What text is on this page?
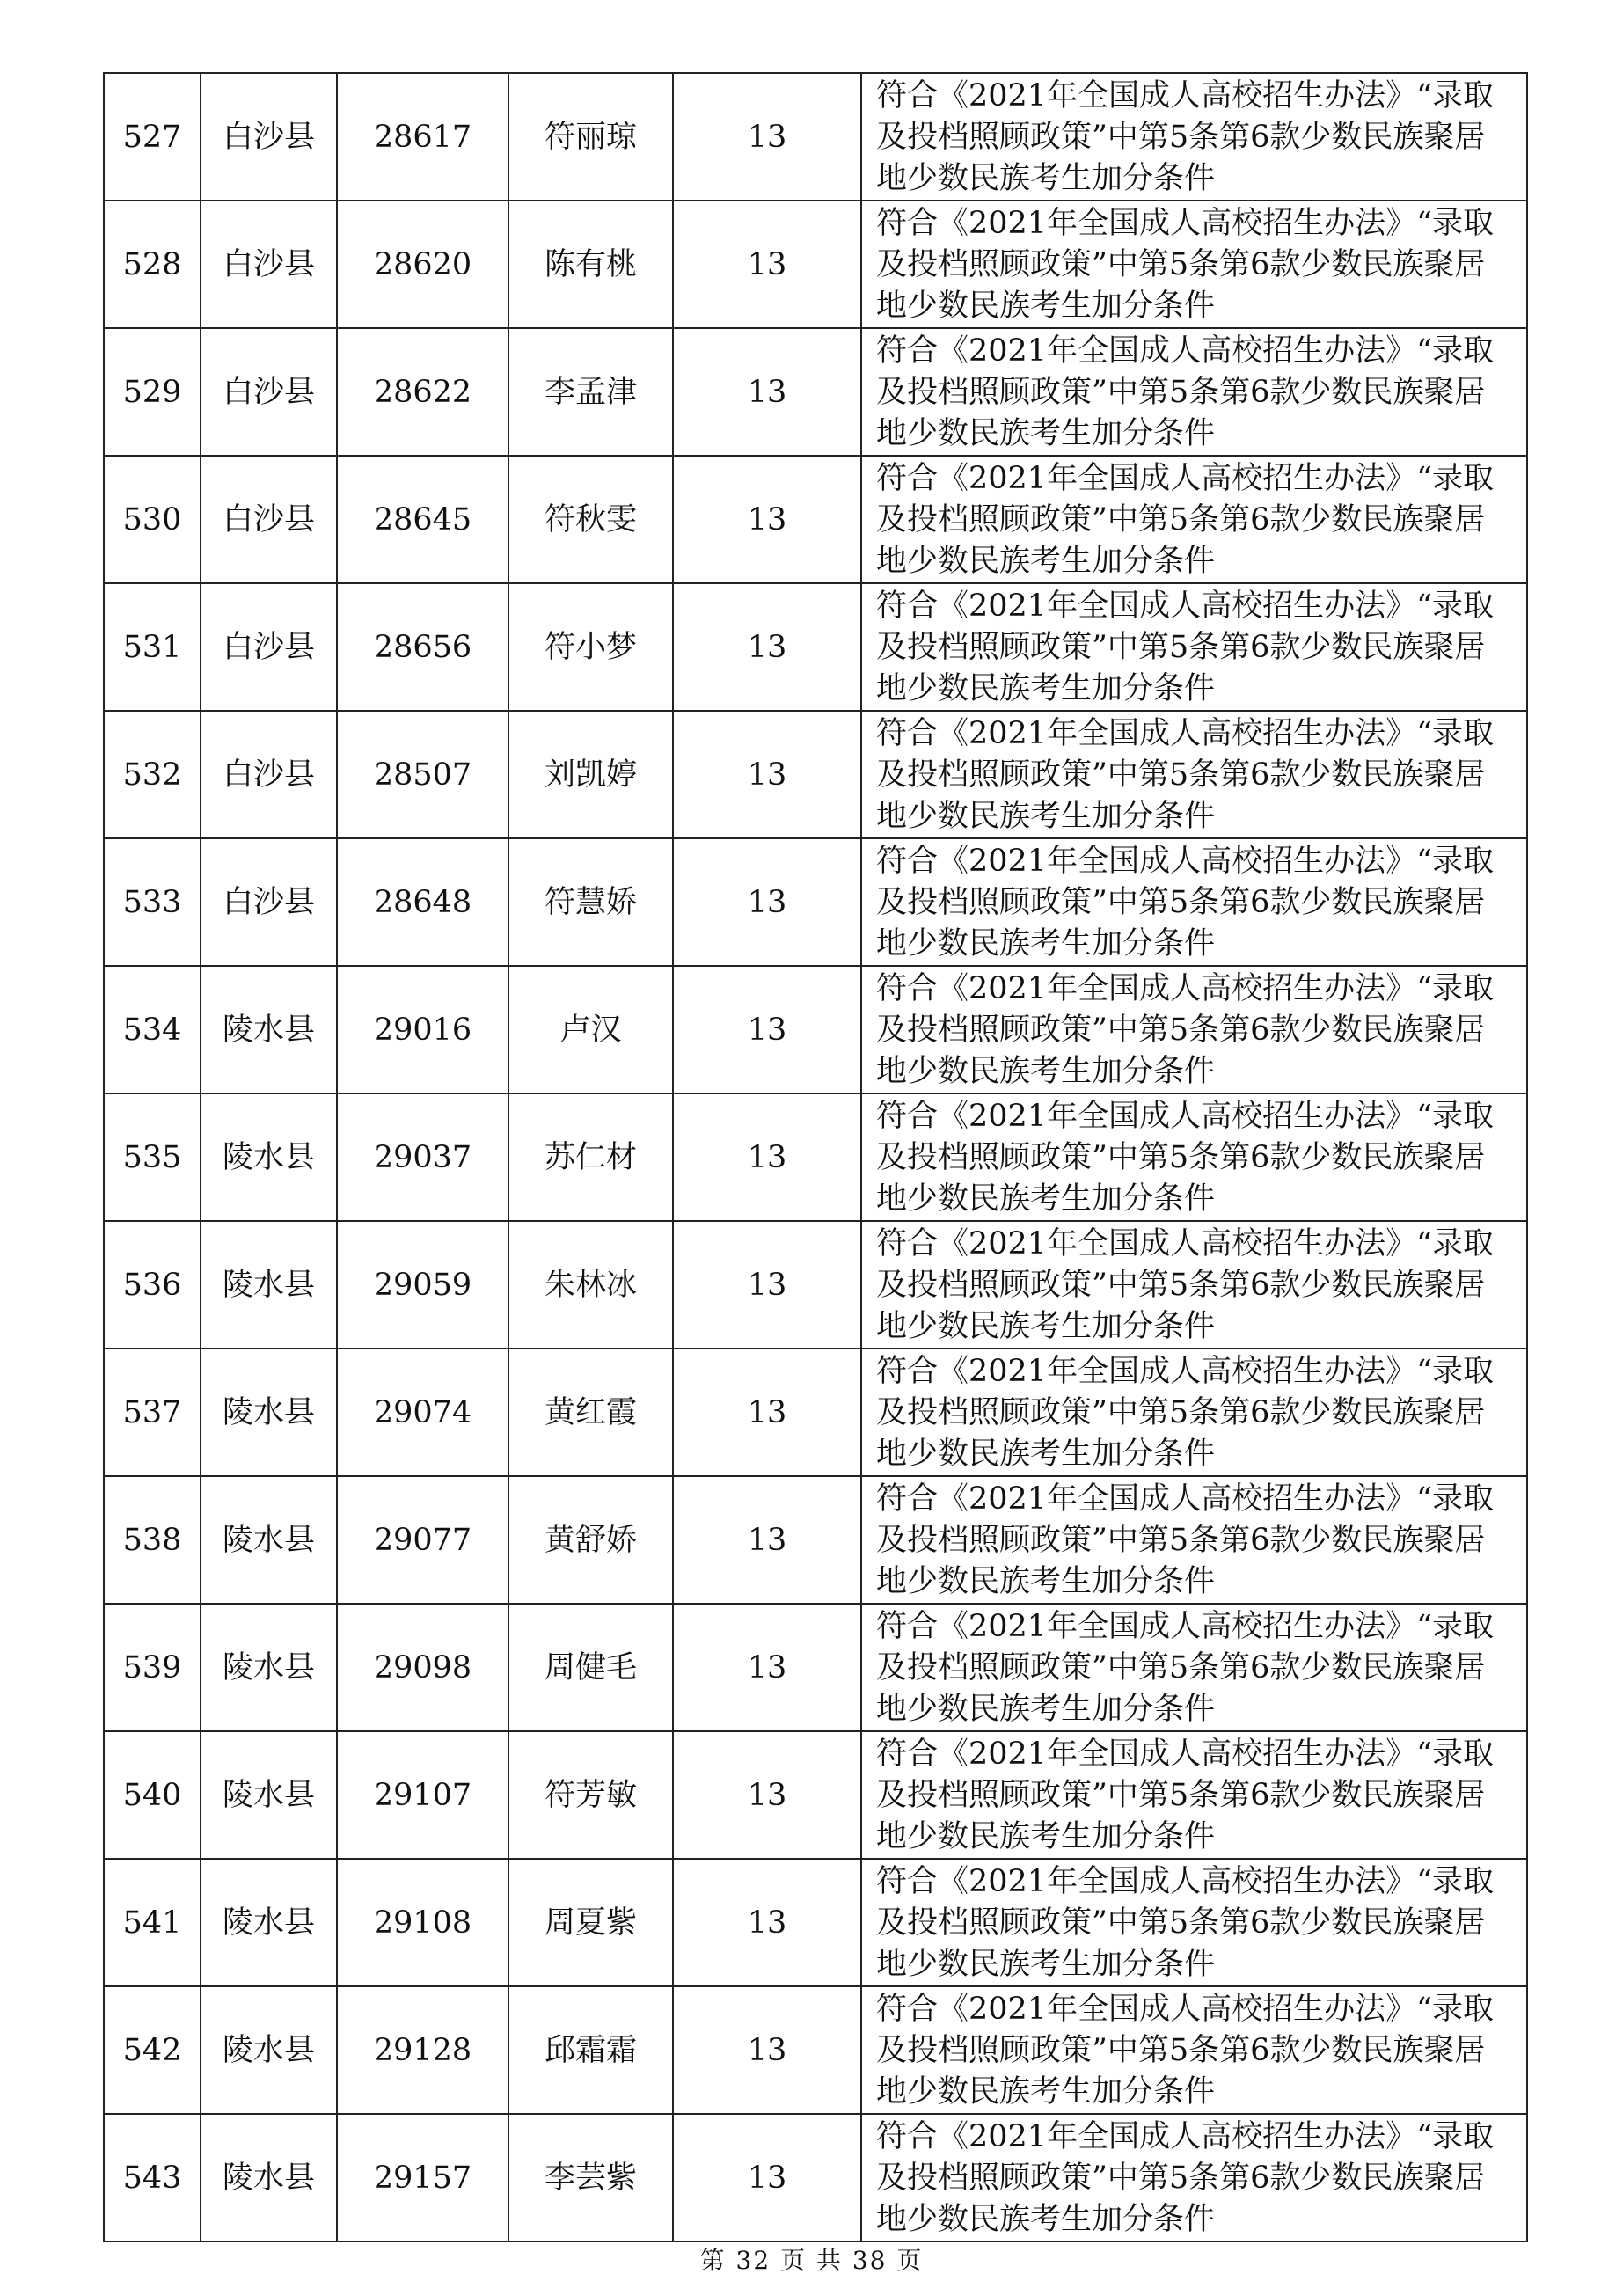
527	白沙县	28617	符丽琼	13	符合《2021年全国成人高校招生办法》“录取及投档照顾政策”中第5条第6款少数民族聚居地少数民族考生加分条件
528	白沙县	28620	陈有桃	13	符合《2021年全国成人高校招生办法》“录取及投档照顾政策”中第5条第6款少数民族聚居地少数民族考生加分条件
529	白沙县	28622	李孟津	13	符合《2021年全国成人高校招生办法》“录取及投档照顾政策”中第5条第6款少数民族聚居地少数民族考生加分条件
530	白沙县	28645	符秋雯	13	符合《2021年全国成人高校招生办法》“录取及投档照顾政策”中第5条第6款少数民族聚居地少数民族考生加分条件
531	白沙县	28656	符小梦	13	符合《2021年全国成人高校招生办法》“录取及投档照顾政策”中第5条第6款少数民族聚居地少数民族考生加分条件
532	白沙县	28507	刘凯婷	13	符合《2021年全国成人高校招生办法》“录取及投档照顾政策”中第5条第6款少数民族聚居地少数民族考生加分条件
533	白沙县	28648	符慧娇	13	符合《2021年全国成人高校招生办法》“录取及投档照顾政策”中第5条第6款少数民族聚居地少数民族考生加分条件
534	陵水县	29016	卢汉	13	符合《2021年全国成人高校招生办法》“录取及投档照顾政策”中第5条第6款少数民族聚居地少数民族考生加分条件
535	陵水县	29037	苏仁材	13	符合《2021年全国成人高校招生办法》“录取及投档照顾政策”中第5条第6款少数民族聚居地少数民族考生加分条件
536	陵水县	29059	朱林冰	13	符合《2021年全国成人高校招生办法》“录取及投档照顾政策”中第5条第6款少数民族聚居地少数民族考生加分条件
537	陵水县	29074	黄红霞	13	符合《2021年全国成人高校招生办法》“录取及投档照顾政策”中第5条第6款少数民族聚居地少数民族考生加分条件
538	陵水县	29077	黄舒娇	13	符合《2021年全国成人高校招生办法》“录取及投档照顾政策”中第5条第6款少数民族聚居地少数民族考生加分条件
539	陵水县	29098	周健毛	13	符合《2021年全国成人高校招生办法》“录取及投档照顾政策”中第5条第6款少数民族聚居地少数民族考生加分条件
540	陵水县	29107	符芳敏	13	符合《2021年全国成人高校招生办法》“录取及投档照顾政策”中第5条第6款少数民族聚居地少数民族考生加分条件
541	陵水县	29108	周夏紫	13	符合《2021年全国成人高校招生办法》“录取及投档照顾政策”中第5条第6款少数民族聚居地少数民族考生加分条件
542	陵水县	29128	邱霜霜	13	符合《2021年全国成人高校招生办法》“录取及投档照顾政策”中第5条第6款少数民族聚居地少数民族考生加分条件
543	陵水县	29157	李芸紫	13	符合《2021年全国成人高校招生办法》“录取及投档照顾政策”中第5条第6款少数民族聚居地少数民族考生加分条件
第 32 页 共 38 页
